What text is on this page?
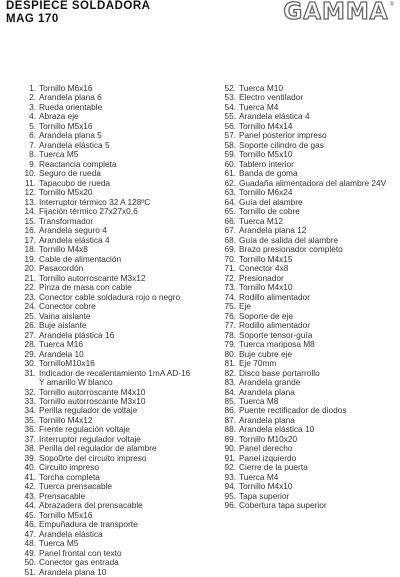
DESPIECE SOLDADORA
MAG 170	GAMMA ®
1. Tornillo M6x16
2. Arandela plana 6
3. Rueda orientable
4. Abraza eje
5. Tornillo M5x16
6. Arandela plana 5
7. Arandela elástica 5
8. Tuerca M5
9. Reactancia completa
10. Seguro de rueda
11. Tapacubo de rueda
12. Tornillo M5x20
13. Interruptor térmico 32 A 128ºC
14. Fijación térmico 27x27x0,6
15. Transformador
16. Arandela seguro 4
17. Arandela elástica 4
18. Tornillo M4x8
19. Cable de alimentación
20. Pasacordón
21. Tornillo autorroscante M3x12
22. Pinza de masa con cable
23. Conector cable soldadura rojo o negro
24. Conector cobre
25. Vaina aislante
26. Buje aislante
27. Arandela plástica 16
28. Tuerca M16
29. Arandela 10
30. TornilloM10x16
31. Indicador de recalentamiento 1mA AD-16
Y amarillo W blanco
32. Tornillo autorroscante M4x10
33. Tornillo autorroscante M3x10
34. Perilla regulador de voltaje
35. Tornillo M4x12
36. Frente regulación voltaje
37. Interruptor regulador voltaje
38. Perilla del regulador de alambre
39. Sopo0rte del circuito impreso
40. Circuito impreso
41. Torcha completa
42. Tuerca prensacable
43. Prensacable
44. Abrazadera del prensacable
45. Tornillo M5x16
46. Empuñadura de transporte
47. Arandela elástica
48. Tuerca M5
49. Panel frontal con texto
50. Conector gas entrada
51. Arandela plana 10
52. Tuerca M10
53. Electro ventilador
54. Tuerca M4
55. Arandela elástica 4
56. Tornillo M4x14
57. Panel posterior impreso
58. Soporte cilindro de gas
59. Tornillo M5x10
60. Tablero interior
61. Banda de goma
62. Guadaña alimentadora del alambre 24V
63. Tornillo M6x24
64. Guía del alambre
65. Tornillo de cobre
66. Tuerca M12
67. Arandela plana 12
68. Guía de salida del alambre
69. Brazo presionador completo
70. Tornillo M4x15
71. Conector 4x8
72. Presionador
73. Tornillo M4x10
74. Rodillo alimentador
75. Eje
76. Soporte de eje
77. Rodillo alimentador
78. Soporte tensor-guía
79. Tuerca mariposa M8
80. Buje cubre eje
81. Eje 70mm
82. Disco base portarrollo
83. Arandela grande
84. Arandela plana
85. Tuerca M8
86. Puente rectificador de diodos
87. Arandela plana
88. Arandela elástica 10
89. Tornillo M10x20
90. Panel derecho
91. Panel izquierdo
92. Cierre de la puerta
93. Tuerca M4
94. Tornillo M4x10
95. Tapa superior
96. Cobertura tapa superior
